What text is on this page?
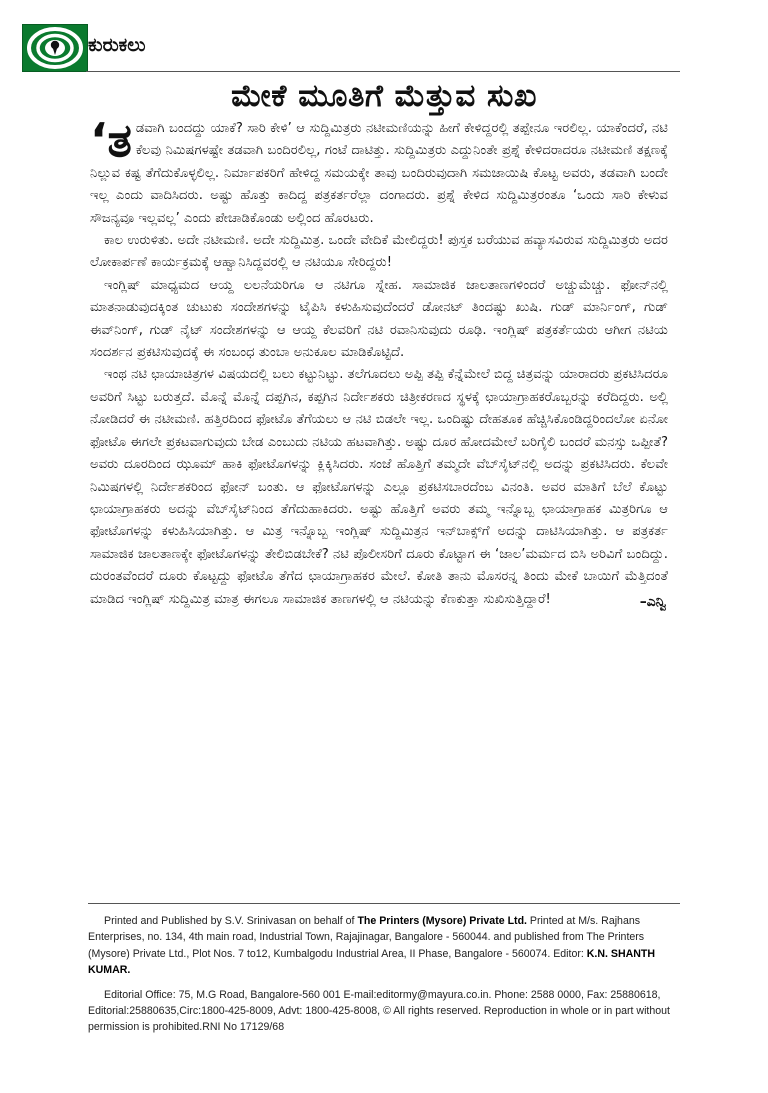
ಕುರುಕಲು
ಮೇಕೆ ಮೂತಿಗೆ ಮೆತ್ತುವ ಸುಖ

‘ತಡವಾಗಿ ಬಂದದ್ದು ಯಾಕೆ? ಸಾರಿ ಕೇಳಿ’ ಆ ಸುದ್ದಿಮಿತ್ರರು ನಟೀಮಣಿಯನ್ನು ಹೀಗೆ ಕೇಳಿದ್ದರಲ್ಲಿ ತಪ್ಪೇನೂ ಇರಲಿಲ್ಲ. ಯಾಕೆಂದರೆ, ನಟಿ ಕೆಲವು ನಿಮಿಷಗಳಷ್ಟೇ ತಡವಾಗಿ ಬಂದಿರಲಿಲ್ಲ, ಗಂಟೆ ದಾಟಿತ್ತು. ಸುದ್ದಿಮಿತ್ರರು ಎದ್ದುನಿಂತೇ ಪ್ರಶ್ನೆ ಕೇಳಿದರಾದರೂ ನಟೀಮಣಿ ತಕ್ಷಣಕ್ಕೆ ನಿಲ್ಲುವ ಕಷ್ಟ ತೆಗೆದುಕೊಳ್ಳಲಿಲ್ಲ. ನಿರ್ಮಾಪಕರಿಗೆ ಹೇಳಿದ್ದ ಸಮಯಕ್ಕೇ ತಾವು ಬಂದಿರುವುದಾಗಿ ಸಮಜಾಯಿಷಿ ಕೊಟ್ಟ ಅವರು, ತಡವಾಗಿ ಬಂದೇ ಇಲ್ಲ ಎಂದು ವಾದಿಸಿದರು. ಅಷ್ಟು ಹೊತ್ತು ಕಾದಿದ್ದ ಪತ್ರಕರ್ತರೆಲ್ಲಾ ದಂಗಾದರು. ಪ್ರಶ್ನೆ ಕೇಳಿದ ಸುದ್ದಿಮಿತ್ರರಂತೂ ‘ಒಂದು ಸಾರಿ ಕೇಳುವ ಸೌಜನ್ಯವೂ ಇಲ್ಲವಲ್ಲ’ ಎಂದು ಪೇಚಾಡಿಕೊಂಡು ಅಲ್ಲಿಂದ ಹೊರಟರು.

ಕಾಲ ಉರುಳಿತು. ಅದೇ ನಟೀಮಣಿ. ಅದೇ ಸುದ್ದಿಮಿತ್ರ. ಒಂದೇ ವೇದಿಕೆ ಮೇಲಿದ್ದರು! ಪುಸ್ತಕ ಬರೆಯುವ ಹವ್ಯಾಸವಿರುವ ಸುದ್ದಿಮಿತ್ರರು ಅದರ ಲೋಕಾರ್ಪಣೆ ಕಾರ್ಯಕ್ರಮಕ್ಕೆ ಆಹ್ವಾನಿಸಿದ್ದವರಲ್ಲಿ ಆ ನಟಿಯೂ ಸೇರಿದ್ದರು!

ಇಂಗ್ಲಿಷ್ ಮಾಧ್ಯಮದ ಆಯ್ದ ಲಲನೆಯರಿಗೂ ಆ ನಟಿಗೂ ಸ್ನೇಹ. ಸಾಮಾಜಿಕ ಜಾಲತಾಣಗಳಿಂದರೆ ಅಚ್ಚುಮೆಚ್ಚು. ಫೋನ್‌ನಲ್ಲಿ ಮಾತನಾಡುವುದಕ್ಕಿಂತ ಚುಟುಕು ಸಂದೇಶಗಳನ್ನು ಟೈಪಿಸಿ ಕಳುಹಿಸುವುದೆಂದರೆ ಡೋನಟ್ ತಿಂದಷ್ಟು ಖುಷಿ. ಗುಡ್ ಮಾರ್ನಿಂಗ್, ಗುಡ್ ಈವ್‌ನಿಂಗ್, ಗುಡ್ ನೈಟ್ ಸಂದೇಶಗಳನ್ನು ಆ ಆಯ್ದ ಕೆಲವರಿಗೆ ನಟಿ ರವಾನಿಸುವುದು ರೂಢಿ. ಇಂಗ್ಲಿಷ್ ಪತ್ರಕರ್ತೆಯರು ಆಗೀಗ ನಟಿಯ ಸಂದರ್ಶನ ಪ್ರಕಟಿಸುವುದಕ್ಕೆ ಈ ಸಂಬಂಧ ತುಂಬಾ ಅನುಕೂಲ ಮಾಡಿಕೊಟ್ಟಿದೆ.

ಇಂಥ ನಟಿ ಛಾಯಾಚಿತ್ರಗಳ ವಿಷಯದಲ್ಲಿ ಬಲು ಕಟ್ಟುನಿಟ್ಟು. ತಲೆಗೂದಲು ಅಪ್ಪಿ ತಪ್ಪಿ ಕೆನ್ನೆಮೇಲೆ ಬಿದ್ದ ಚಿತ್ರವನ್ನು ಯಾರಾದರು ಪ್ರಕಟಿಸಿದರೂ ಅವರಿಗೆ ಸಿಟ್ಟು ಬರುತ್ತದೆ. ಮೊನ್ನೆ ಮೊನ್ನೆ ದಪ್ಪಗಿನ, ಕಪ್ಪಗಿನ ನಿರ್ದೇಶಕರು ಚಿತ್ರೀಕರಣದ ಸ್ಥಳಕ್ಕೆ ಛಾಯಾಗ್ರಾಹಕರೊಬ್ಬರನ್ನು ಕರೆದಿದ್ದರು. ಅಲ್ಲಿ ನೋಡಿದರೆ ಈ ನಟೀಮಣಿ. ಹತ್ತಿರದಿಂದ ಫೋಟೊ ತೆಗೆಯಲು ಆ ನಟಿ ಬಿಡಲೇ ಇಲ್ಲ. ಒಂದಿಷ್ಟು ದೇಹತೂಕ ಹೆಚ್ಚಿಸಿಕೊಂಡಿದ್ದರಿಂದಲೋ ಏನೋ ಫೋಟೊ ಈಗಲೇ ಪ್ರಕಟವಾಗುವುದು ಬೇಡ ಎಂಬುದು ನಟಿಯ ಹಟವಾಗಿತ್ತು. ಅಷ್ಟು ದೂರ ಹೋದಮೇಲೆ ಬರಿಗೈಲಿ ಬಂದರೆ ಮನಸ್ಸು ಒಪ್ಪೀತೆ? ಅವರು ದೂರದಿಂದ ಝೂಮ್ ಹಾಕಿ ಫೋಟೊಗಳನ್ನು ಕ್ಲಿಕ್ಕಿಸಿದರು. ಸಂಜೆ ಹೊತ್ತಿಗೆ ತಮ್ಮದೇ ವೆಬ್‌ಸೈಟ್‌ನಲ್ಲಿ ಅದನ್ನು ಪ್ರಕಟಿಸಿದರು. ಕೆಲವೇ ನಿಮಿಷಗಳಲ್ಲಿ ನಿರ್ದೇಶಕರಿಂದ ಫೋನ್ ಬಂತು. ಆ ಫೋಟೊಗಳನ್ನು ಎಲ್ಲೂ ಪ್ರಕಟಿಸಬಾರದೆಂಬ ವಿನಂತಿ. ಅವರ ಮಾತಿಗೆ ಬೆಲೆ ಕೊಟ್ಟು ಛಾಯಾಗ್ರಾಹಕರು ಅದನ್ನು ವೆಬ್‌ಸೈಟ್‌ನಿಂದ ತೆಗೆದುಹಾಕಿದರು. ಅಷ್ಟು ಹೊತ್ತಿಗೆ ಅವರು ತಮ್ಮ ಇನ್ನೊಬ್ಬ ಛಾಯಾಗ್ರಾಹಕ ಮಿತ್ರರಿಗೂ ಆ ಫೋಟೊಗಳನ್ನು ಕಳುಹಿಸಿಯಾಗಿತ್ತು. ಆ ಮಿತ್ರ ಇನ್ನೊಬ್ಬ ಇಂಗ್ಲಿಷ್ ಸುದ್ದಿಮಿತ್ರನ ಇನ್‌ಬಾಕ್ಸ್‌ಗೆ ಅದನ್ನು ದಾಟಿಸಿಯಾಗಿತ್ತು. ಆ ಪತ್ರಕರ್ತ ಸಾಮಾಜಿಕ ಜಾಲತಾಣಕ್ಕೇ ಫೋಟೊಗಳನ್ನು ತೇಲಿಬಿಡಬೇಕೆ? ನಟಿ ಪೊಲೀಸರಿಗೆ ದೂರು ಕೊಟ್ಟಾಗ ಈ ‘ಜಾಲ’ಮರ್ಮದ ಬಿಸಿ ಅರಿವಿಗೆ ಬಂದಿದ್ದು. ದುರಂತವೆಂದರೆ ದೂರು ಕೊಟ್ಟದ್ದು ಫೋಟೊ ತೆಗೆದ ಛಾಯಾಗ್ರಾಹಕರ ಮೇಲೆ. ಕೋತಿ ತಾನು ಮೊಸರನ್ನ ತಿಂದು ಮೇಕೆ ಬಾಯಿಗೆ ಮೆತ್ತಿದಂತೆ ಮಾಡಿದ ಇಂಗ್ಲಿಷ್ ಸುದ್ದಿಮಿತ್ರ ಮಾತ್ರ ಈಗಲೂ ಸಾಮಾಜಿಕ ತಾಣಗಳಲ್ಲಿ ಆ ನಟಿಯನ್ನು ಕೆಣಕುತ್ತಾ ಸುಖಿಸುತ್ತಿದ್ದಾರೆ!	–ಎನ್ವಿ

Printed and Published by S.V. Srinivasan on behalf of The Printers (Mysore) Private Ltd. Printed at M/s. Rajhans Enterprises, no. 134, 4th main road, Industrial Town, Rajajinagar, Bangalore - 560044. and published from The Printers (Mysore) Private Ltd., Plot Nos. 7 to12, Kumbalgodu Industrial Area, II Phase, Bangalore - 560074. Editor: K.N. SHANTH KUMAR.

Editorial Office: 75, M.G Road, Bangalore-560 001 E-mail:editormy@mayura.co.in. Phone: 2588 0000, Fax: 25880618, Editorial:25880635,Circ:1800-425-8009, Advt: 1800-425-8008, © All rights reserved. Reproduction in whole or in part without permission is prohibited.RNI No 17129/68
